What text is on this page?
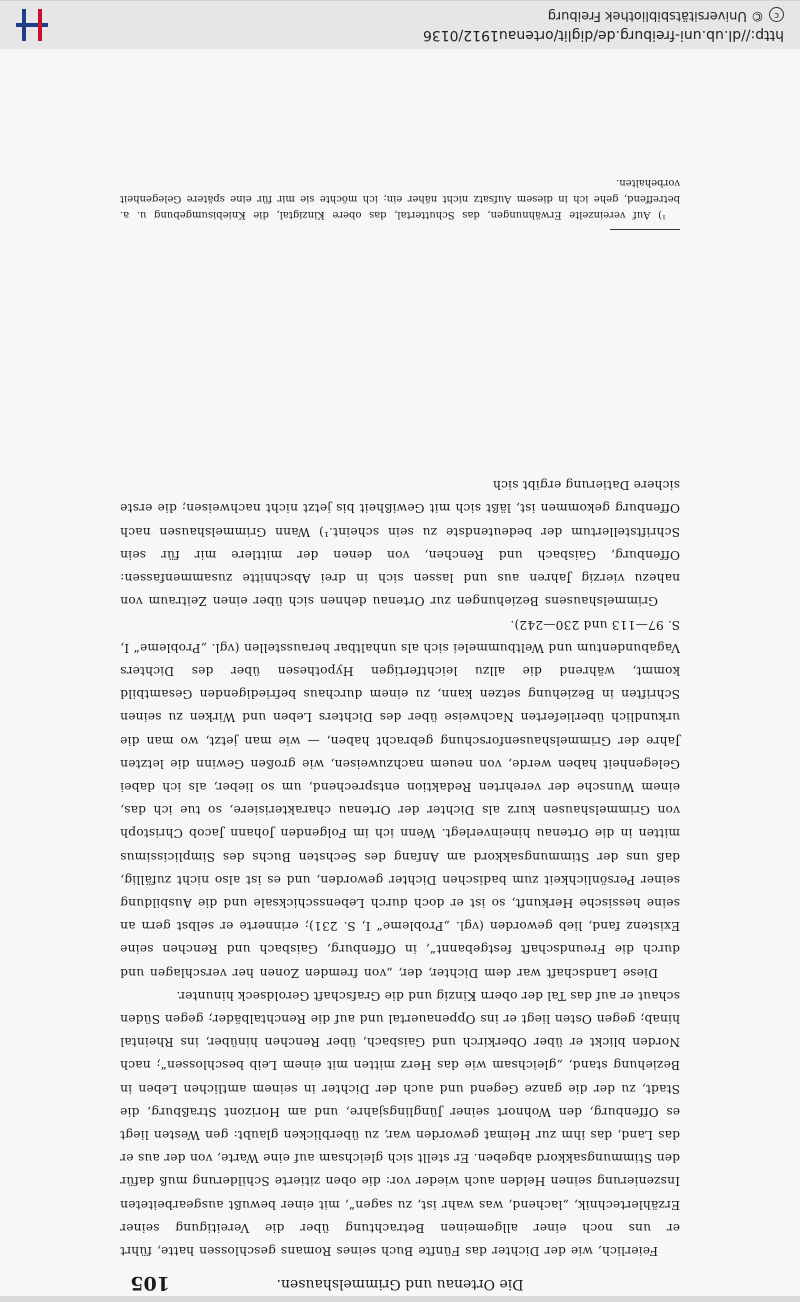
http://dl.ub.uni-freiburg.de/diglit/ortenau1912/0136
c
© Universitätsbibliothek Freiburg
105	Die Ortenau und Grimmelshausen.

Feierlich, wie der Dichter das Fünfte Buch seines Romans geschlossen hatte, führt er uns noch einer allgemeinen Betrachtung über die Vereitigung seiner Erzählertechnik, „lachend, was wahr ist, zu sagen“, mit einer bewußt ausgearbeiteten Inszenierung seinen Helden auch wieder vor: die oben zitierte Schilderung muß dafür den Stimmungsakkord abgeben. Er stellt sich gleichsam auf eine Warte, von der aus er das Land, das ihm zur Heimat geworden war, zu überblicken glaubt: gen Westen liegt es Offenburg, den Wohnort seiner Jünglingsjahre, und am Horizont Straßburg, die Stadt, zu der die ganze Gegend und auch der Dichter in seinem amtlichen Leben in Beziehung stand, „gleichsam wie das Herz mitten mit einem Leib beschlossen“; nach Norden blickt er über Oberkirch und Gaisbach, über Renchen hinüber, ins Rheintal hinab; gegen Osten liegt er ins Oppenauertal und auf die Renchtalbäder; gegen Süden schaut er auf das Tal der obern Kinzig und die Grafschaft Geroldseck hinunter.

Diese Landschaft war dem Dichter, der, „von fremden Zonen her verschlagen und durch die Freundschaft festgebannt“, in Offenburg, Gaisbach und Renchen seine Existenz fand, lieb geworden (vgl. „Probleme“ I, S. 231); erinnerte er selbst gern an seine hessische Herkunft, so ist er doch durch Lebensschicksale und die Ausbildung seiner Persönlichkeit zum badischen Dichter geworden, und es ist also nicht zufällig, daß uns der Stimmungsakkord am Anfang des Sechsten Buchs des Simplicissimus mitten in die Ortenau hineinverlegt. Wenn ich im Folgenden Johann Jacob Christoph von Grimmelshausen kurz als Dichter der Ortenau charakterisiere, so tue ich das, einem Wunsche der verehrten Redaktion entsprechend, um so lieber, als ich dabei Gelegenheit haben werde, von neuem nachzuweisen, wie großen Gewinn die letzten Jahre der Grimmelshausenforschung gebracht haben, — wie man jetzt, wo man die urkundlich überlieferten Nachweise über des Dichters Leben und Wirken zu seinen Schriften in Beziehung setzen kann, zu einem durchaus befriedigenden Gesamtbild kommt, während die allzu leichtfertigen Hypothesen über des Dichters Vagabundentum und Weltbummelei sich als unhaltbar herausstellen (vgl. „Probleme“ I, S. 97—113 und 230—242).

Grimmelshausens Beziehungen zur Ortenau dehnen sich über einen Zeitraum von nahezu vierzig Jahren aus und lassen sich in drei Abschnitte zusammenfassen: Offenburg, Gaisbach und Renchen, von denen der mittlere mir für sein Schriftstellertum der bedeutendste zu sein scheint.¹) Wann Grimmelshausen nach Offenburg gekommen ist, läßt sich mit Gewißheit bis jetzt nicht nachweisen; die erste sichere Datierung ergibt sich

¹) Auf vereinzelte Erwähnungen, das Schuttertal, das obere Kinzigtal, die Kniebisumgebung u. a. betreffend, gehe ich in diesem Aufsatz nicht näher ein; ich möchte sie mir für eine spätere Gelegenheit vorbehalten.
